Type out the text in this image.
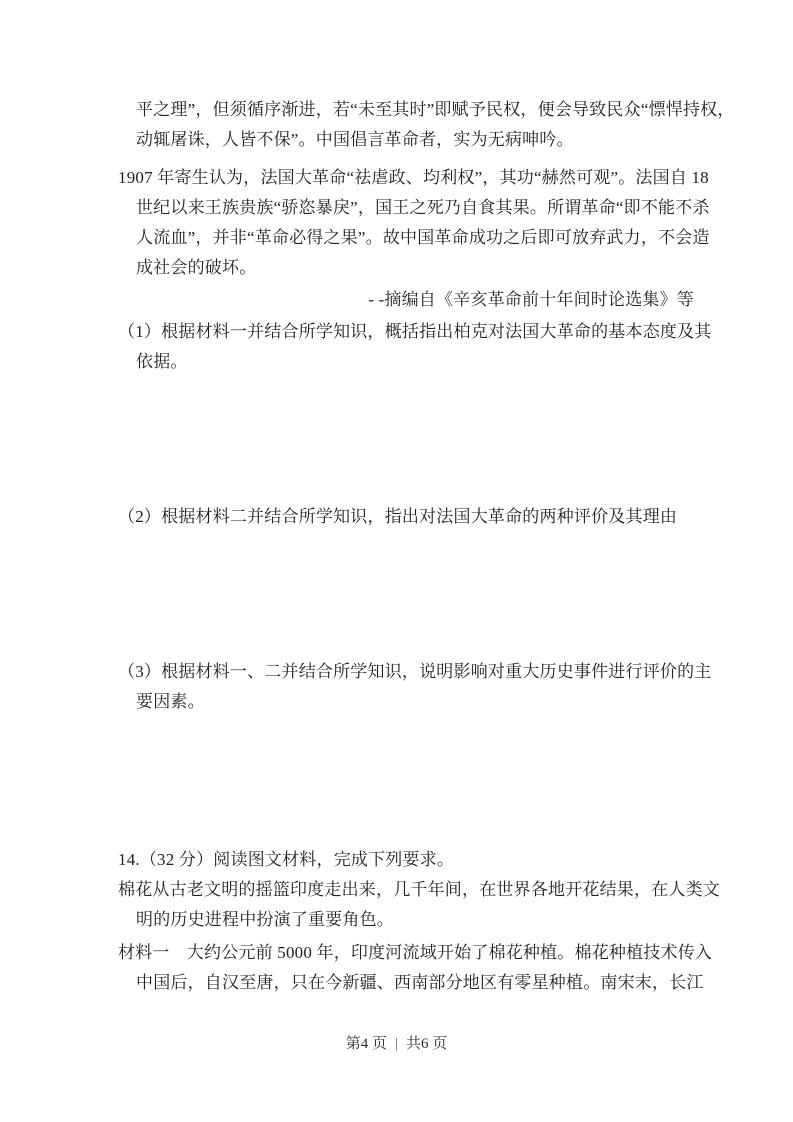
平之理”，但须循序渐进，若“未至其时”即赋予民权，便会导致民众“慓悍持权，
动辄屠诛，人皆不保”。中国倡言革命者，实为无病呻吟。
1907 年寄生认为，法国大革命“祛虐政、均利权”，其功“赫然可观”。法国自 18
世纪以来王族贵族“骄恣暴戾”，国王之死乃自食其果。所谓革命“即不能不杀
人流血”，并非“革命必得之果”。故中国革命成功之后即可放弃武力，不会造
成社会的破坏。
- -摘编自《辛亥革命前十年间时论选集》等
（1）根据材料一并结合所学知识，概括指出柏克对法国大革命的基本态度及其
依据。
（2）根据材料二并结合所学知识，指出对法国大革命的两种评价及其理由
（3）根据材料一、二并结合所学知识，说明影响对重大历史事件进行评价的主
要因素。
14.（32 分）阅读图文材料，完成下列要求。
棉花从古老文明的摇篮印度走出来，几千年间，在世界各地开花结果，在人类文
明的历史进程中扮演了重要角色。
材料一　大约公元前 5000 年，印度河流域开始了棉花种植。棉花种植技术传入
中国后，自汉至唐，只在今新疆、西南部分地区有零星种植。南宋末，长江
第4 页 | 共6 页
